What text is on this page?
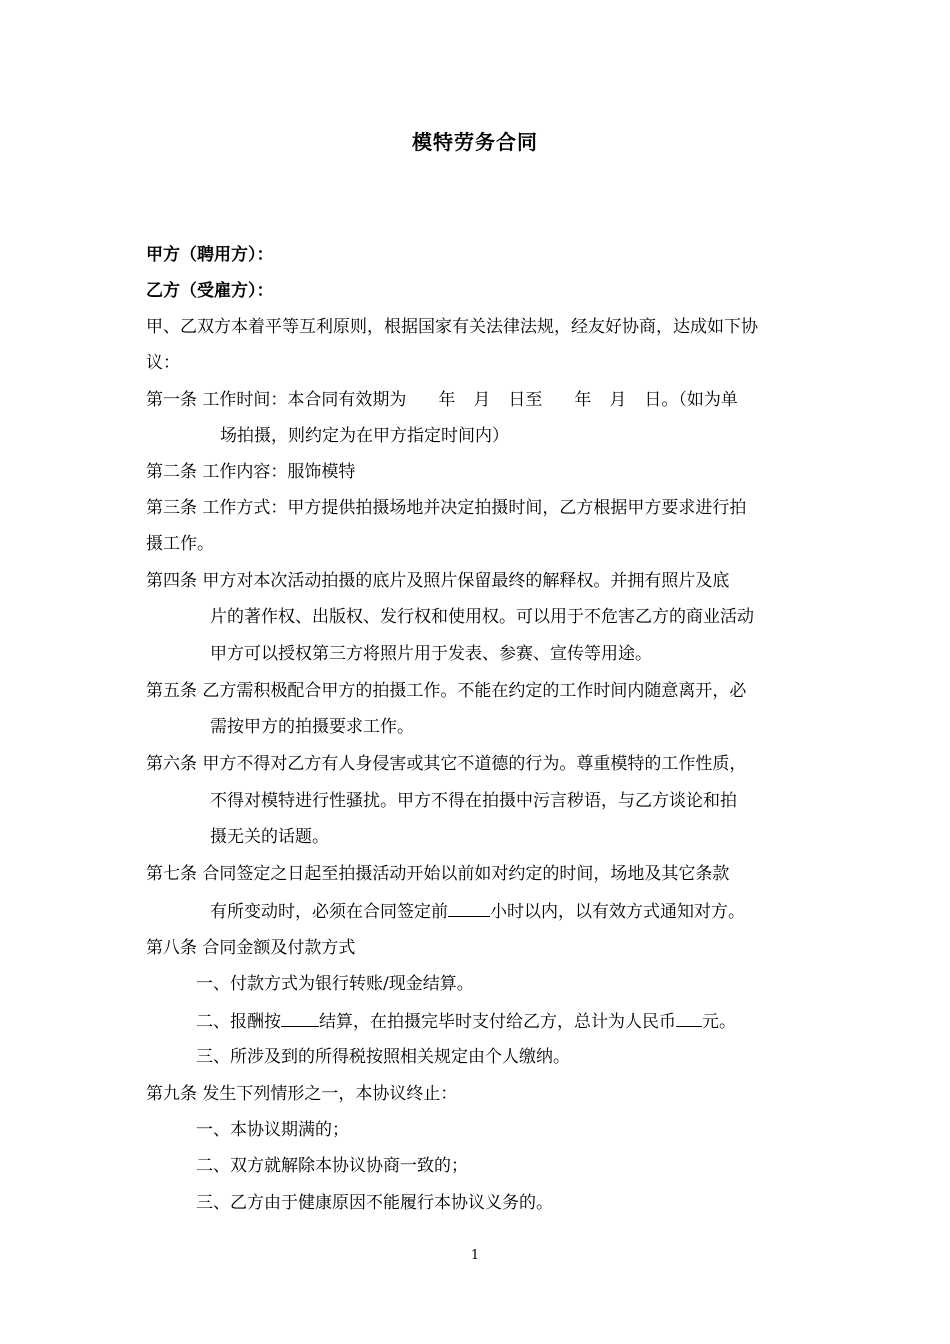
模特劳务合同
甲方（聘用方）：
乙方（受雇方）：
甲、乙双方本着平等互利原则，根据国家有关法律法规，经友好协商，达成如下协
议：
第一条 工作时间：本合同有效期为 年 月 日至 年 月 日。（如为单
场拍摄，则约定为在甲方指定时间内）
第二条 工作内容：服饰模特
第三条 工作方式：甲方提供拍摄场地并决定拍摄时间，乙方根据甲方要求进行拍
摄工作。
第四条 甲方对本次活动拍摄的底片及照片保留最终的解释权。并拥有照片及底
片的著作权、出版权、发行权和使用权。可以用于不危害乙方的商业活动
甲方可以授权第三方将照片用于发表、参赛、宣传等用途。
第五条 乙方需积极配合甲方的拍摄工作。不能在约定的工作时间内随意离开，必
需按甲方的拍摄要求工作。
第六条 甲方不得对乙方有人身侵害或其它不道德的行为。尊重模特的工作性质，
不得对模特进行性骚扰。甲方不得在拍摄中污言秽语，与乙方谈论和拍
摄无关的话题。
第七条 合同签定之日起至拍摄活动开始以前如对约定的时间，场地及其它条款
有所变动时，必须在合同签定前 小时以内，以有效方式通知对方。
第八条 合同金额及付款方式
一、付款方式为银行转账/现金结算。
二、报酬按 结算，在拍摄完毕时支付给乙方，总计为人民币 元。
三、所涉及到的所得税按照相关规定由个人缴纳。
第九条 发生下列情形之一，本协议终止：
一、本协议期满的；
二、双方就解除本协议协商一致的；
三、乙方由于健康原因不能履行本协议义务的。
1
